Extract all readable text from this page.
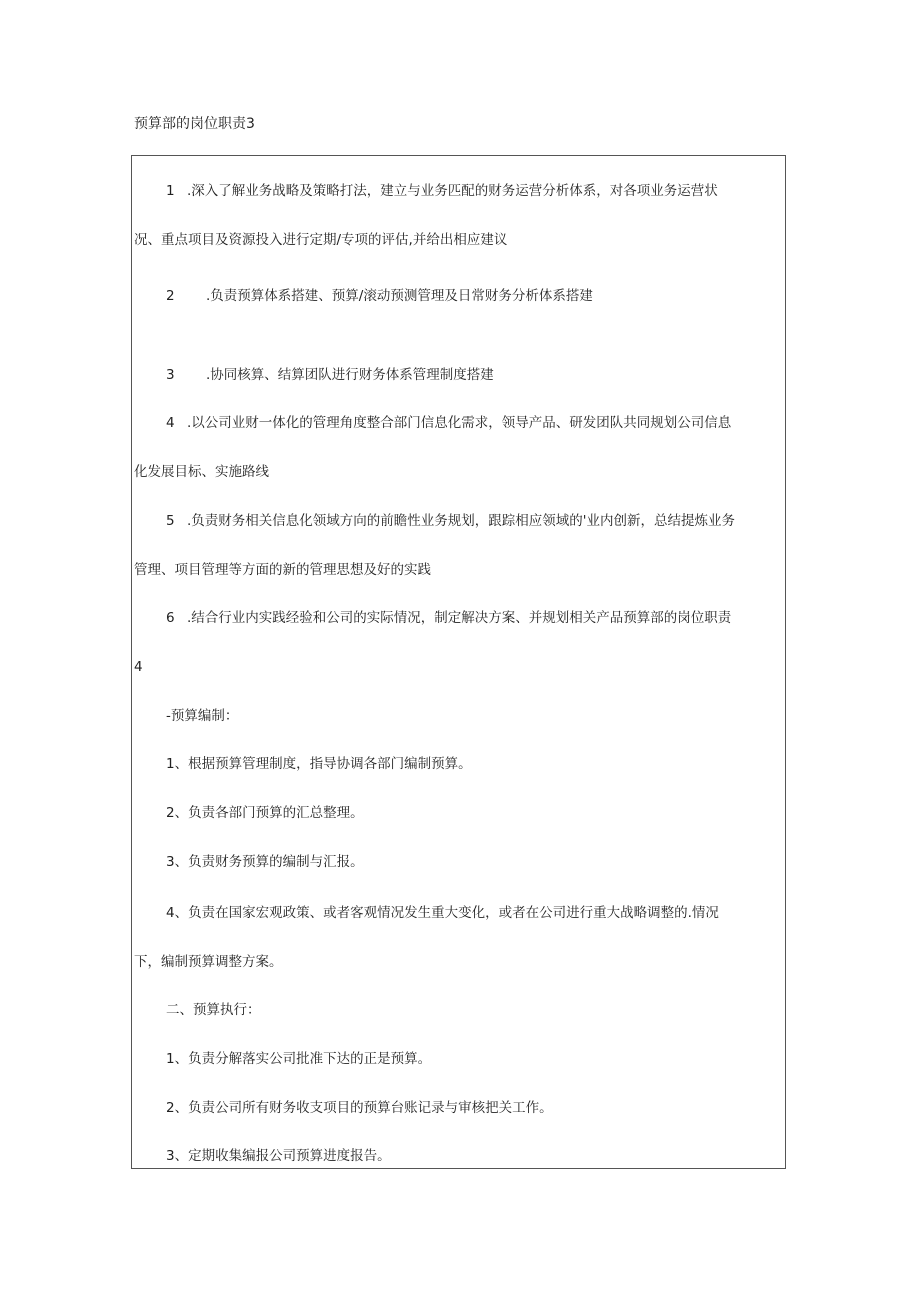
预算部的岗位职责3
1 .深入了解业务战略及策略打法，建立与业务匹配的财务运营分析体系，对各项业务运营状
况、重点项目及资源投入进行定期/专项的评估,并给出相应建议
2 .负责预算体系搭建、预算/滚动预测管理及日常财务分析体系搭建
3 .协同核算、结算团队进行财务体系管理制度搭建
4 .以公司业财一体化的管理角度整合部门信息化需求，领导产品、研发团队共同规划公司信息
化发展目标、实施路线
5 .负责财务相关信息化领域方向的前瞻性业务规划，跟踪相应领域的'业内创新，总结提炼业务
管理、项目管理等方面的新的管理思想及好的实践
6 .结合行业内实践经验和公司的实际情况，制定解决方案、并规划相关产品预算部的岗位职责
4
-预算编制：
1、根据预算管理制度，指导协调各部门编制预算。
2、负责各部门预算的汇总整理。
3、负责财务预算的编制与汇报。
4、负责在国家宏观政策、或者客观情况发生重大变化，或者在公司进行重大战略调整的.情况
下，编制预算调整方案。
二、预算执行：
1、负责分解落实公司批准下达的正是预算。
2、负责公司所有财务收支项目的预算台账记录与审核把关工作。
3、定期收集编报公司预算进度报告。
